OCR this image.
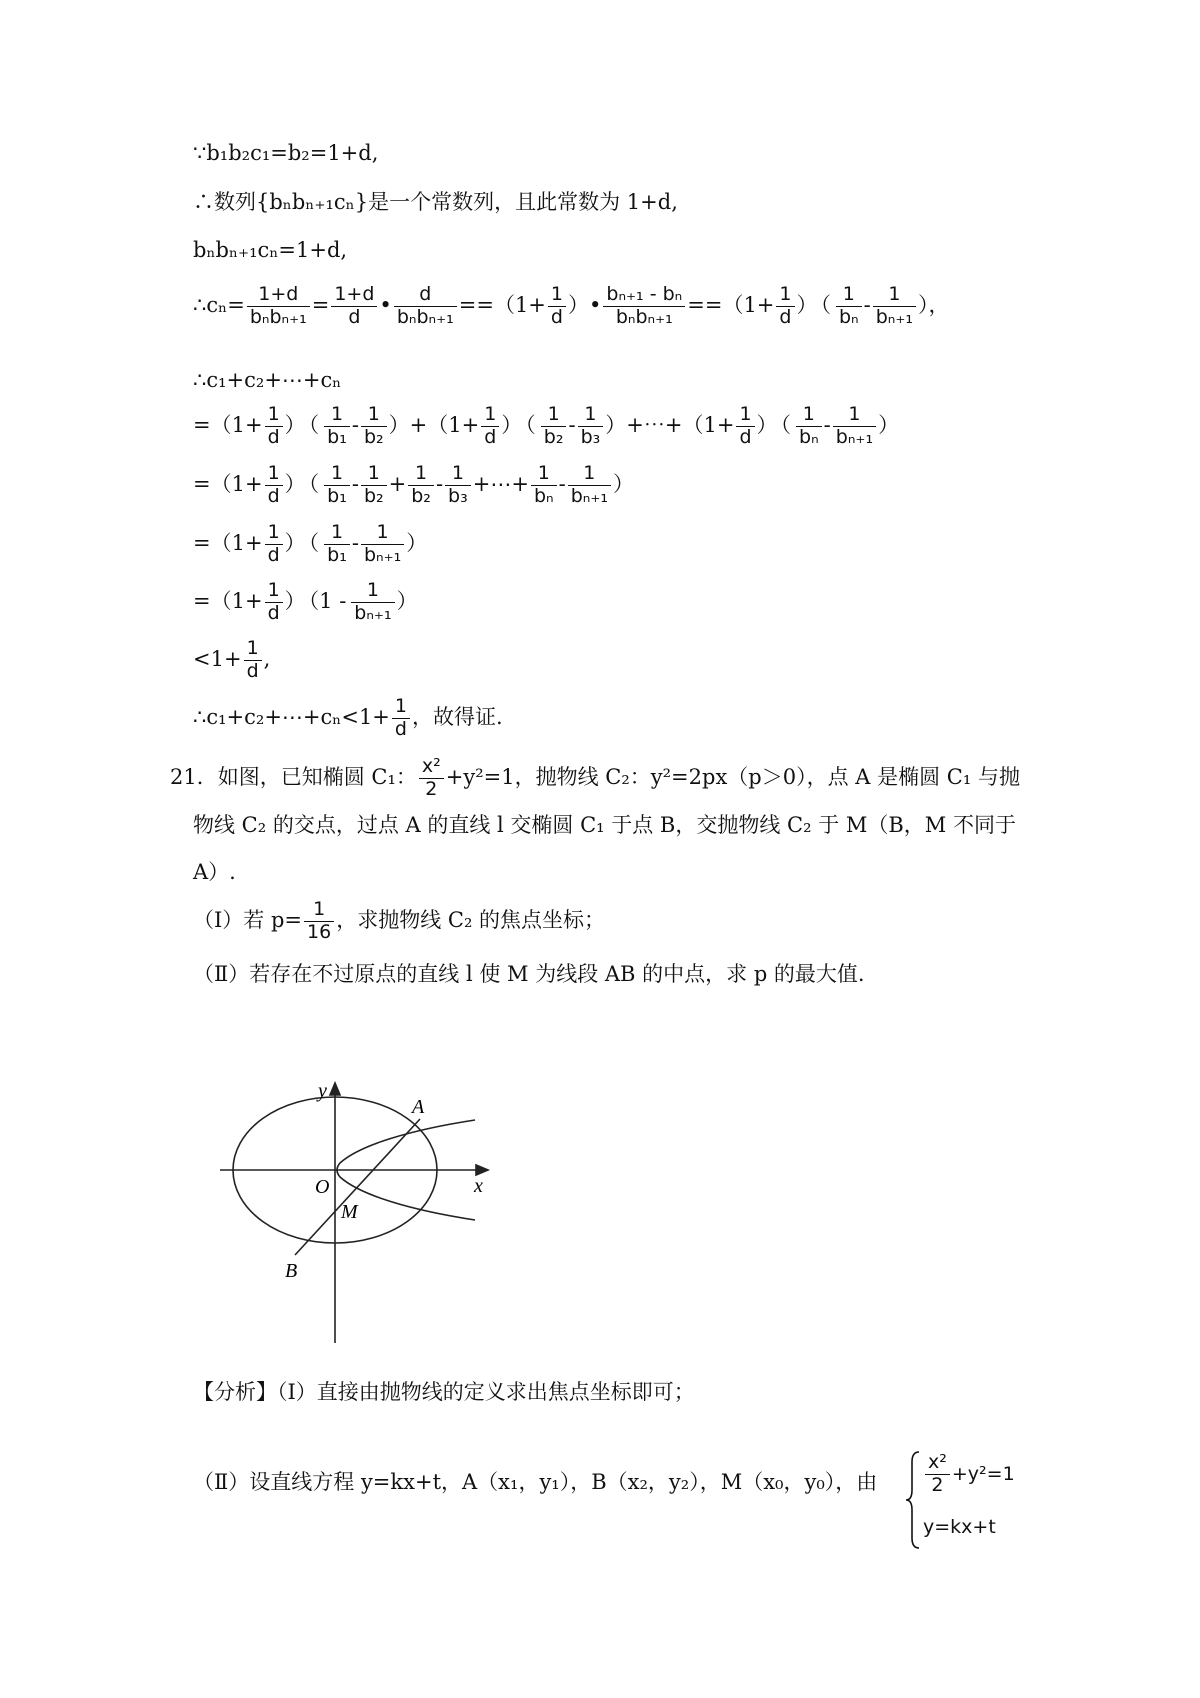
∵b₁b₂c₁=b₂=1+d,
∴数列{bₙbₙ₊₁cₙ}是一个常数列，且此常数为 1+d,
bₙbₙ₊₁cₙ=1+d,
∴cₙ= $\frac{1+d}{\text{bₙbₙ₊₁}} = \frac{1+d}{d}$ • $\frac{d}{\text{bₙbₙ₊₁}} ==(1+ \frac{1}{d}$ ）• $\frac{\text{bₙ₊₁ - bₙ}}{\text{bₙbₙ₊₁}} ==(1+ \frac{1}{d}$ ） （ $\frac{1}{\text{bₙ}} - \frac{1}{\text{bₙ₊₁}}$ ），
∴c₁+c₂+⋯+cₙ
$=(1+ \frac{1}{d}$ ） （ $\frac{1}{\text{b₁}} - \frac{1}{\text{b₂}} )+(1+ \frac{1}{d}$ ） （ $\frac{1}{\text{b₂}} - \frac{1}{\text{b₃}}$ ）+⋯+（1+ $\frac{1}{d}$ ） （ $\frac{1}{\text{bₙ}} - \frac{1}{\text{bₙ₊₁}}$ ）
$=(1+ \frac{1}{d}$ ） （ $\frac{1}{\text{b₁}} - \frac{1}{\text{b₂}} + \frac{1}{\text{b₂}} - \frac{1}{\text{b₃}}$ +⋯+ $\frac{1}{\text{bₙ}} - \frac{1}{\text{bₙ₊₁}}$ ）
$=(1+ \frac{1}{d}$ ） （ $\frac{1}{\text{b₁}} - \frac{1}{\text{bₙ₊₁}}$ ）
$=(1+ \frac{1}{d}$ ） （$1 - \frac{1}{\text{bₙ₊₁}}$ ）
$<1+ \frac{1}{d}$ ,
∴c₁+c₂+⋯+cₙ<1+ $\frac{1}{d}$ ，故得证.
21．如图，已知椭圆 C₁： $\frac{\text{x²}}{2} +y^2=1$，抛物线 C₂：y²=2px（p＞0），点 A 是椭圆 C₁ 与抛
物线 C₂ 的交点，过点 A 的直线 l 交椭圆 C₁ 于点 B，交抛物线 C₂ 于 M（B，M 不同于
A）.
（Ⅰ）若 $p= \frac{1}{16}$ ，求抛物线 C₂ 的焦点坐标；
（Ⅱ）若存在不过原点的直线 l 使 M 为线段 AB 的中点，求 p 的最大值.
y
x
O
A
M
B
【分析】（Ⅰ）直接由抛物线的定义求出焦点坐标即可；
（Ⅱ）设直线方程 y=kx+t，A（x₁，y₁），B（x₂，y₂），M（x₀，y₀），由	$\frac{\text{x²}}{2} +y^2=1$
y=kx+t
